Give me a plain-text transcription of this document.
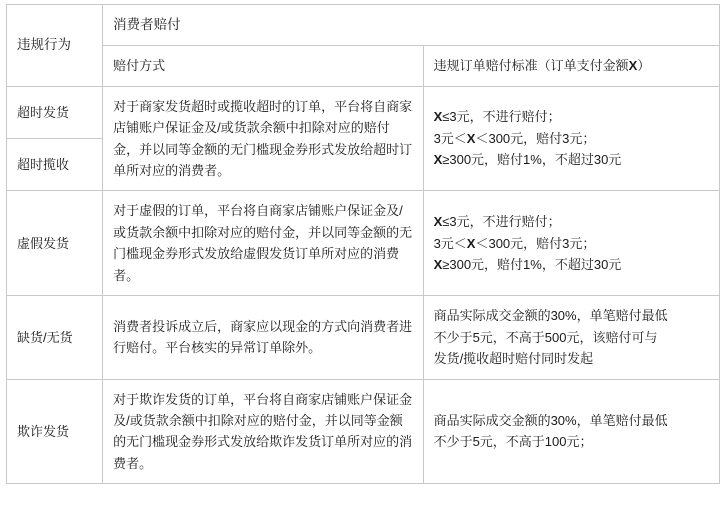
违规行为	消费者赔付	
	赔付方式	违规订单赔付标准（订单支付金额X）
超时发货	对于商家发货超时或揽收超时的订单，平台将自商家店铺账户保证金及/或货款余额中扣除对应的赔付金，并以同等金额的无门槛现金券形式发放给超时订单所对应的消费者。	X≤3元，不进行赔付；
3元＜X＜300元，赔付3元；
X≥300元，赔付1%，不超过30元

超时揽收		
虚假发货	对于虚假的订单，平台将自商家店铺账户保证金及/或货款余额中扣除对应的赔付金，并以同等金额的无门槛现金券形式发放给虚假发货订单所对应的消费者。	X≤3元，不进行赔付；
3元＜X＜300元，赔付3元；
X≥300元，赔付1%，不超过30元

缺货/无货	消费者投诉成立后，商家应以现金的方式向消费者进行赔付。平台核实的异常订单除外。	商品实际成交金额的30%，单笔赔付最低
不少于5元，不高于500元，该赔付可与
发货/揽收超时赔付同时发起

欺诈发货	对于欺诈发货的订单，平台将自商家店铺账户保证金及/或货款余额中扣除对应的赔付金，并以同等金额的无门槛现金券形式发放给欺诈发货订单所对应的消费者。	商品实际成交金额的30%，单笔赔付最低
不少于5元，不高于100元；
